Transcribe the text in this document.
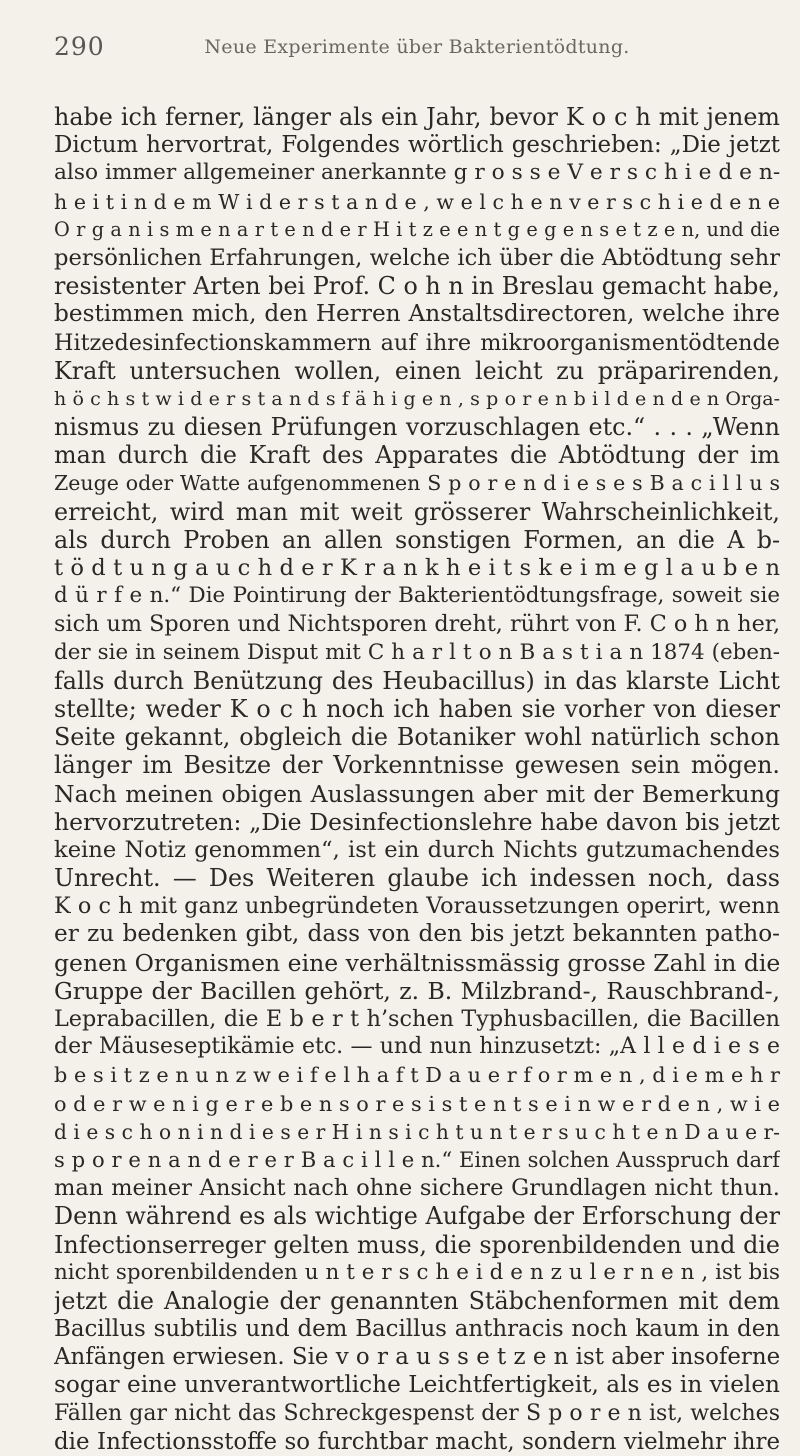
290	Neue Experimente über Bakterientödtung.
habe ich ferner, länger als ein Jahr, bevor K o c h mit jenem
Dictum hervortrat, Folgendes wörtlich geschrieben: „Die jetzt
also immer allgemeiner anerkannte g r o s s e V e r s c h i e d e n-
h e i t i n d e m W i d e r s t a n d e , w e l c h e n v e r s c h i e d e n e
O r g a n i s m e n a r t e n d e r H i t z e e n t g e g e n s e t z e n, und die
persönlichen Erfahrungen, welche ich über die Abtödtung sehr
resistenter Arten bei Prof. C o h n in Breslau gemacht habe,
bestimmen mich, den Herren Anstaltsdirectoren, welche ihre
Hitzedesinfectionskammern auf ihre mikroorganismentödtende
Kraft untersuchen wollen, einen leicht zu präparirenden,
h ö c h s t w i d e r s t a n d s f ä h i g e n , s p o r e n b i l d e n d e n Orga-
nismus zu diesen Prüfungen vorzuschlagen etc.“ . . . „Wenn
man durch die Kraft des Apparates die Abtödtung der im
Zeuge oder Watte aufgenommenen S p o r e n d i e s e s B a c i l l u s
erreicht, wird man mit weit grösserer Wahrscheinlichkeit,
als durch Proben an allen sonstigen Formen, an die A b-
t ö d t u n g a u c h d e r K r a n k h e i t s k e i m e g l a u b e n
d ü r f e n.“ Die Pointirung der Bakterientödtungsfrage, soweit sie
sich um Sporen und Nichtsporen dreht, rührt von F. C o h n her,
der sie in seinem Disput mit C h a r l t o n B a s t i a n 1874 (eben-
falls durch Benützung des Heubacillus) in das klarste Licht
stellte; weder K o c h noch ich haben sie vorher von dieser
Seite gekannt, obgleich die Botaniker wohl natürlich schon
länger im Besitze der Vorkenntnisse gewesen sein mögen.
Nach meinen obigen Auslassungen aber mit der Bemerkung
hervorzutreten: „Die Desinfectionslehre habe davon bis jetzt
keine Notiz genommen“, ist ein durch Nichts gutzumachendes
Unrecht. — Des Weiteren glaube ich indessen noch, dass
K o c h mit ganz unbegründeten Voraussetzungen operirt, wenn
er zu bedenken gibt, dass von den bis jetzt bekannten patho-
genen Organismen eine verhältnissmässig grosse Zahl in die
Gruppe der Bacillen gehört, z. B. Milzbrand-, Rauschbrand-,
Leprabacillen, die E b e r t h’schen Typhusbacillen, die Bacillen
der Mäuseseptikämie etc. — und nun hinzusetzt: „A l l e d i e s e
b e s i t z e n u n z w e i f e l h a f t D a u e r f o r m e n , d i e m e h r
o d e r w e n i g e r e b e n s o r e s i s t e n t s e i n w e r d e n , w i e
d i e s c h o n i n d i e s e r H i n s i c h t u n t e r s u c h t e n D a u e r-
s p o r e n a n d e r e r B a c i l l e n.“ Einen solchen Ausspruch darf
man meiner Ansicht nach ohne sichere Grundlagen nicht thun.
Denn während es als wichtige Aufgabe der Erforschung der
Infectionserreger gelten muss, die sporenbildenden und die
nicht sporenbildenden u n t e r s c h e i d e n z u l e r n e n , ist bis
jetzt die Analogie der genannten Stäbchenformen mit dem
Bacillus subtilis und dem Bacillus anthracis noch kaum in den
Anfängen erwiesen. Sie v o r a u s s e t z e n ist aber insoferne
sogar eine unverantwortliche Leichtfertigkeit, als es in vielen
Fällen gar nicht das Schreckgespenst der S p o r e n ist, welches
die Infectionsstoffe so furchtbar macht, sondern vielmehr ihre
